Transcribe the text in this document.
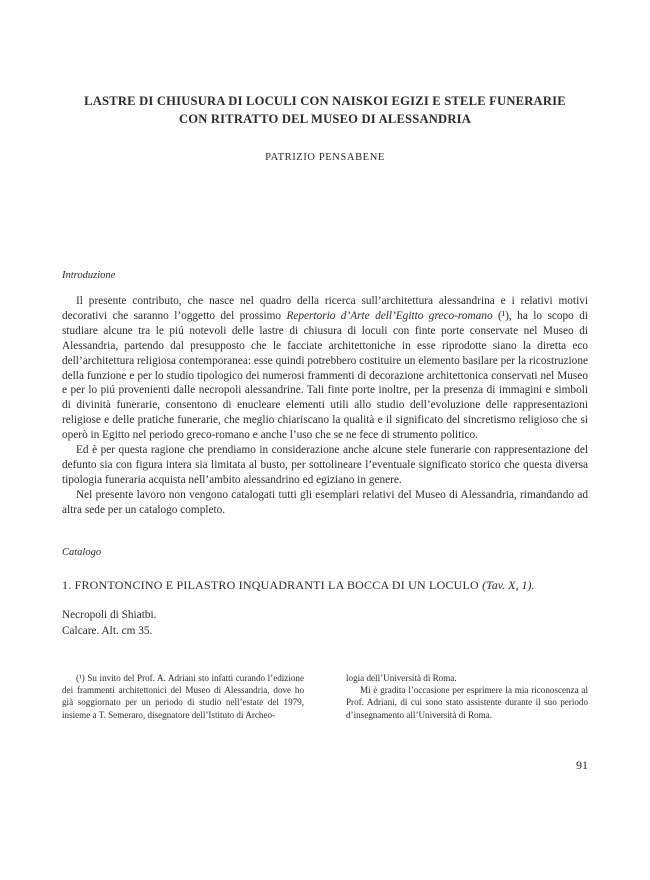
LASTRE DI CHIUSURA DI LOCULI CON NAISKOI EGIZI E STELE FUNERARIE
CON RITRATTO DEL MUSEO DI ALESSANDRIA
PATRIZIO PENSABENE
Introduzione

Il presente contributo, che nasce nel quadro della ricerca sull’architettura alessandrina e i relativi motivi decorativi che saranno l’oggetto del prossimo Repertorio d’Arte dell’Egitto greco-romano (¹), ha lo scopo di studiare alcune tra le piú notevoli delle lastre di chiusura di loculi con finte porte conservate nel Museo di Alessandria, partendo dal presupposto che le facciate architettoniche in esse riprodotte siano la diretta eco dell’architettura religiosa contemporanea: esse quindi potrebbero costituire un elemento basilare per la ricostruzione della funzione e per lo studio tipologico dei numerosi frammenti di decorazione architettonica conservati nel Museo e per lo piú provenienti dalle necropoli alessandrine. Tali finte porte inoltre, per la presenza di immagini e simboli di divinità funerarie, consentono di enucleare elementi utili allo studio dell’evoluzione delle rappresentazioni religiose e delle pratiche funerarie, che meglio chiariscano la qualità e il significato del sincretismo religioso che si operò in Egitto nel periodo greco-romano e anche l’uso che se ne fece di strumento politico.

Ed è per questa ragione che prendiamo in considerazione anche alcune stele funerarie con rappresentazione del defunto sia con figura intera sia limitata al busto, per sottolineare l’eventuale significato storico che questa diversa tipologia funeraria acquista nell’ambito alessandrino ed egiziano in genere.

Nel presente lavoro non vengono catalogati tutti gli esemplari relativi del Museo di Alessandria, rimandando ad altra sede per un catalogo completo.

Catalogo
1. FRONTONCINO E PILASTRO INQUADRANTI LA BOCCA DI UN LOCULO (Tav. X, 1).
Necropoli di Shiatbi.
Calcare. Alt. cm 35.

(¹) Su invito del Prof. A. Adriani sto infatti curando l’edizione dei frammenti architettonici del Museo di Alessandria, dove ho già soggiornato per un periodo di studio nell’estate del 1979, insieme a T. Semeraro, disegnatore dell’Istituto di Archeo-

logia dell’Università di Roma.

Mi è gradita l’occasione per esprimere la mia riconoscenza al Prof. Adriani, di cui sono stato assistente durante il suo periodo d’insegnamento all’Università di Roma.

91
